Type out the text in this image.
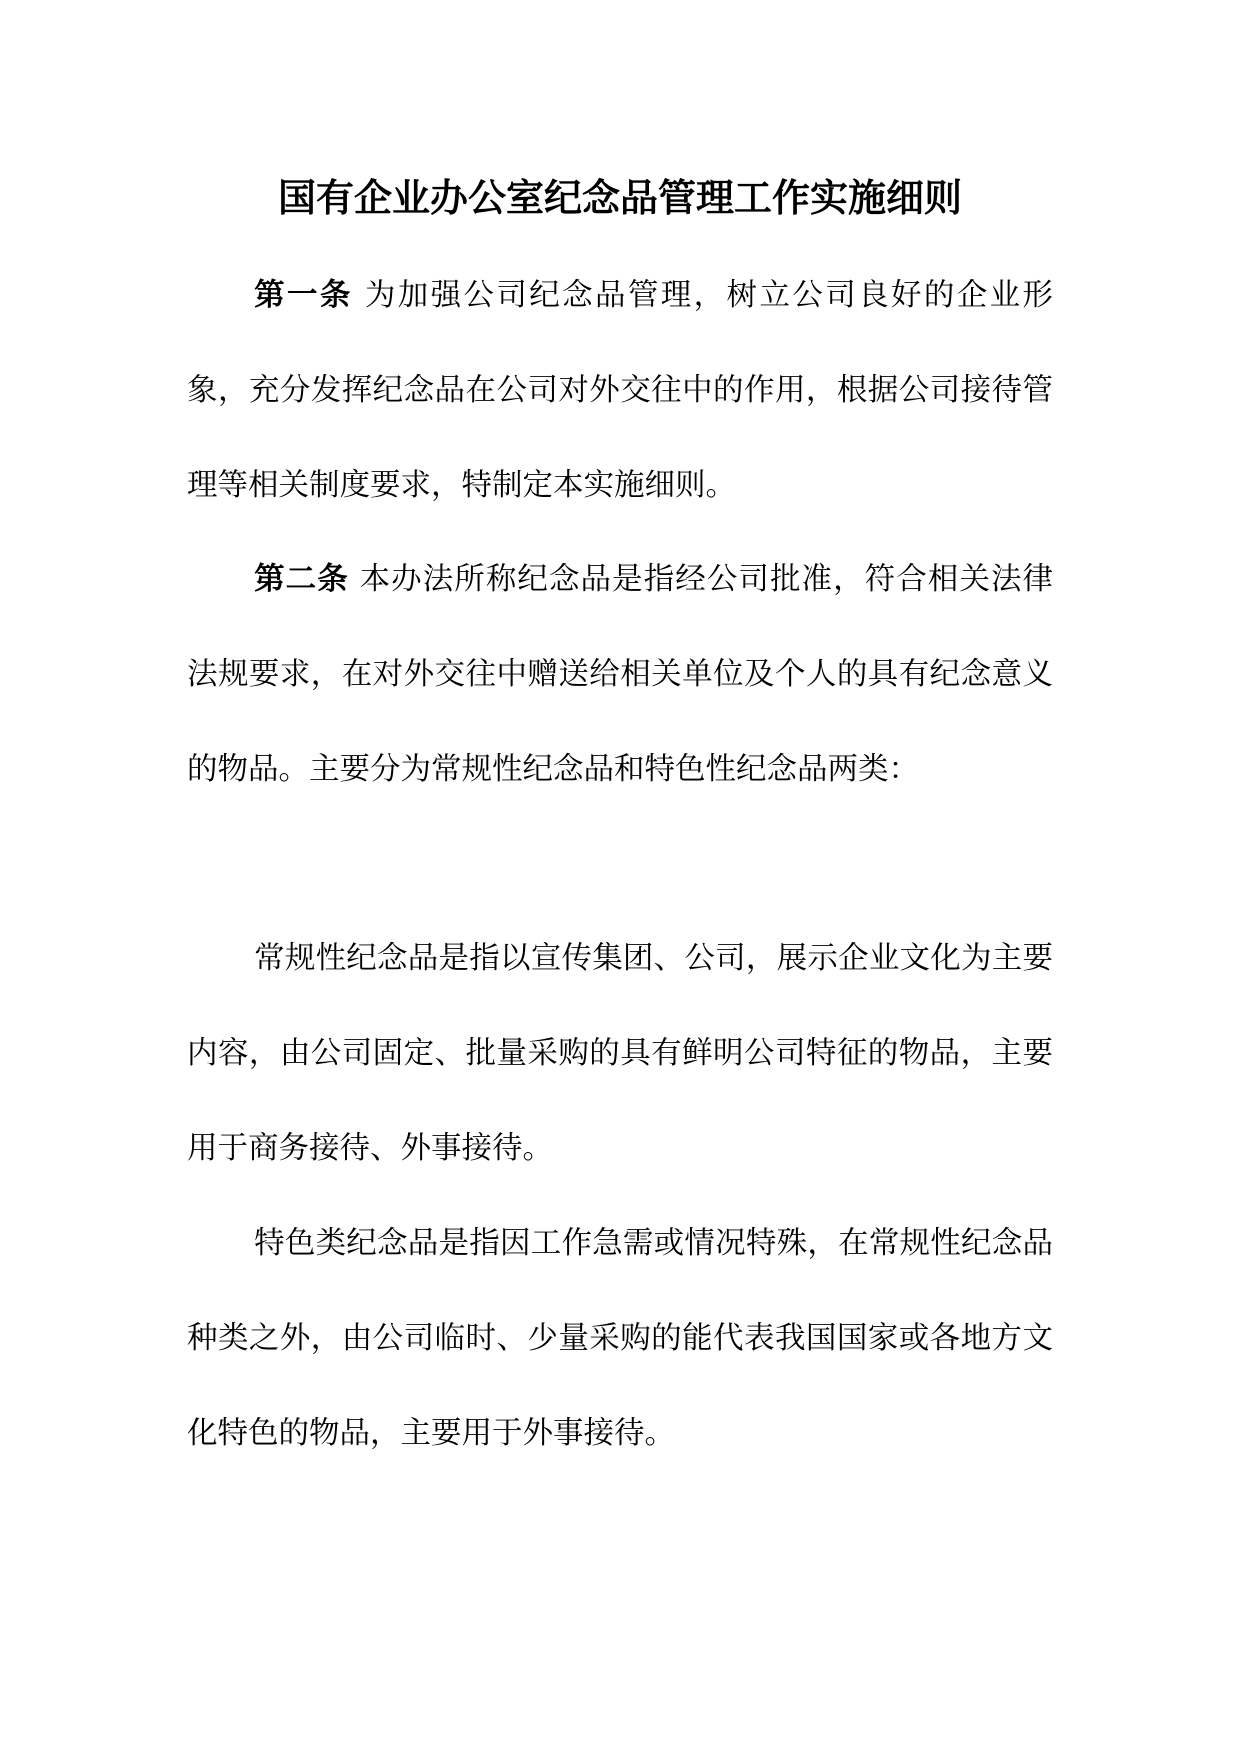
国有企业办公室纪念品管理工作实施细则

第一条 为加强公司纪念品管理，树立公司良好的企业形象，充分发挥纪念品在公司对外交往中的作用，根据公司接待管理等相关制度要求，特制定本实施细则。

第二条 本办法所称纪念品是指经公司批准，符合相关法律法规要求，在对外交往中赠送给相关单位及个人的具有纪念意义的物品。主要分为常规性纪念品和特色性纪念品两类：

常规性纪念品是指以宣传集团、公司，展示企业文化为主要内容，由公司固定、批量采购的具有鲜明公司特征的物品，主要用于商务接待、外事接待。

特色类纪念品是指因工作急需或情况特殊，在常规性纪念品种类之外，由公司临时、少量采购的能代表我国国家或各地方文化特色的物品，主要用于外事接待。
